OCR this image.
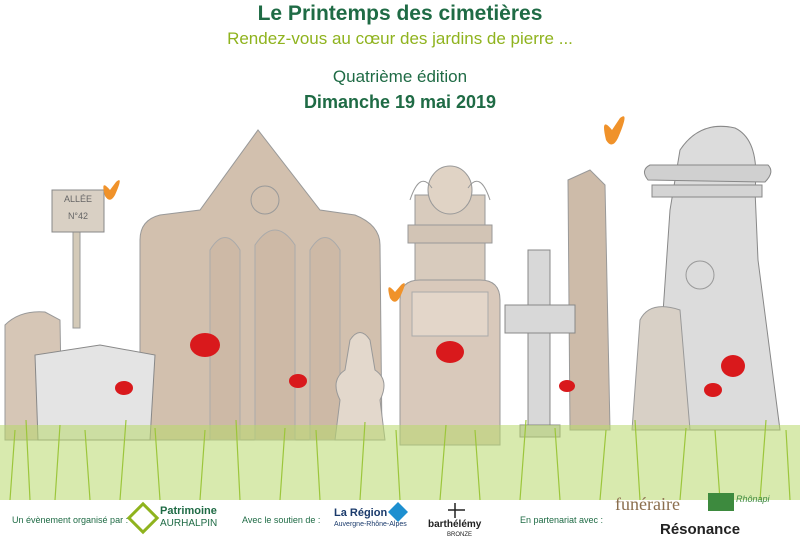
Le Printemps des cimetières
Rendez-vous au cœur des jardins de pierre ...
Quatrième édition
Dimanche 19 mai 2019
ALLÉE
N°42
Un évènement organisé par :	Avec le soutien de :	En partenariat avec :
Patrimoine
AURHALPIN
La Région
Auvergne-Rhône-Alpes barthélémy
BRONZE
funéraire	Rhônapi
Résonance
